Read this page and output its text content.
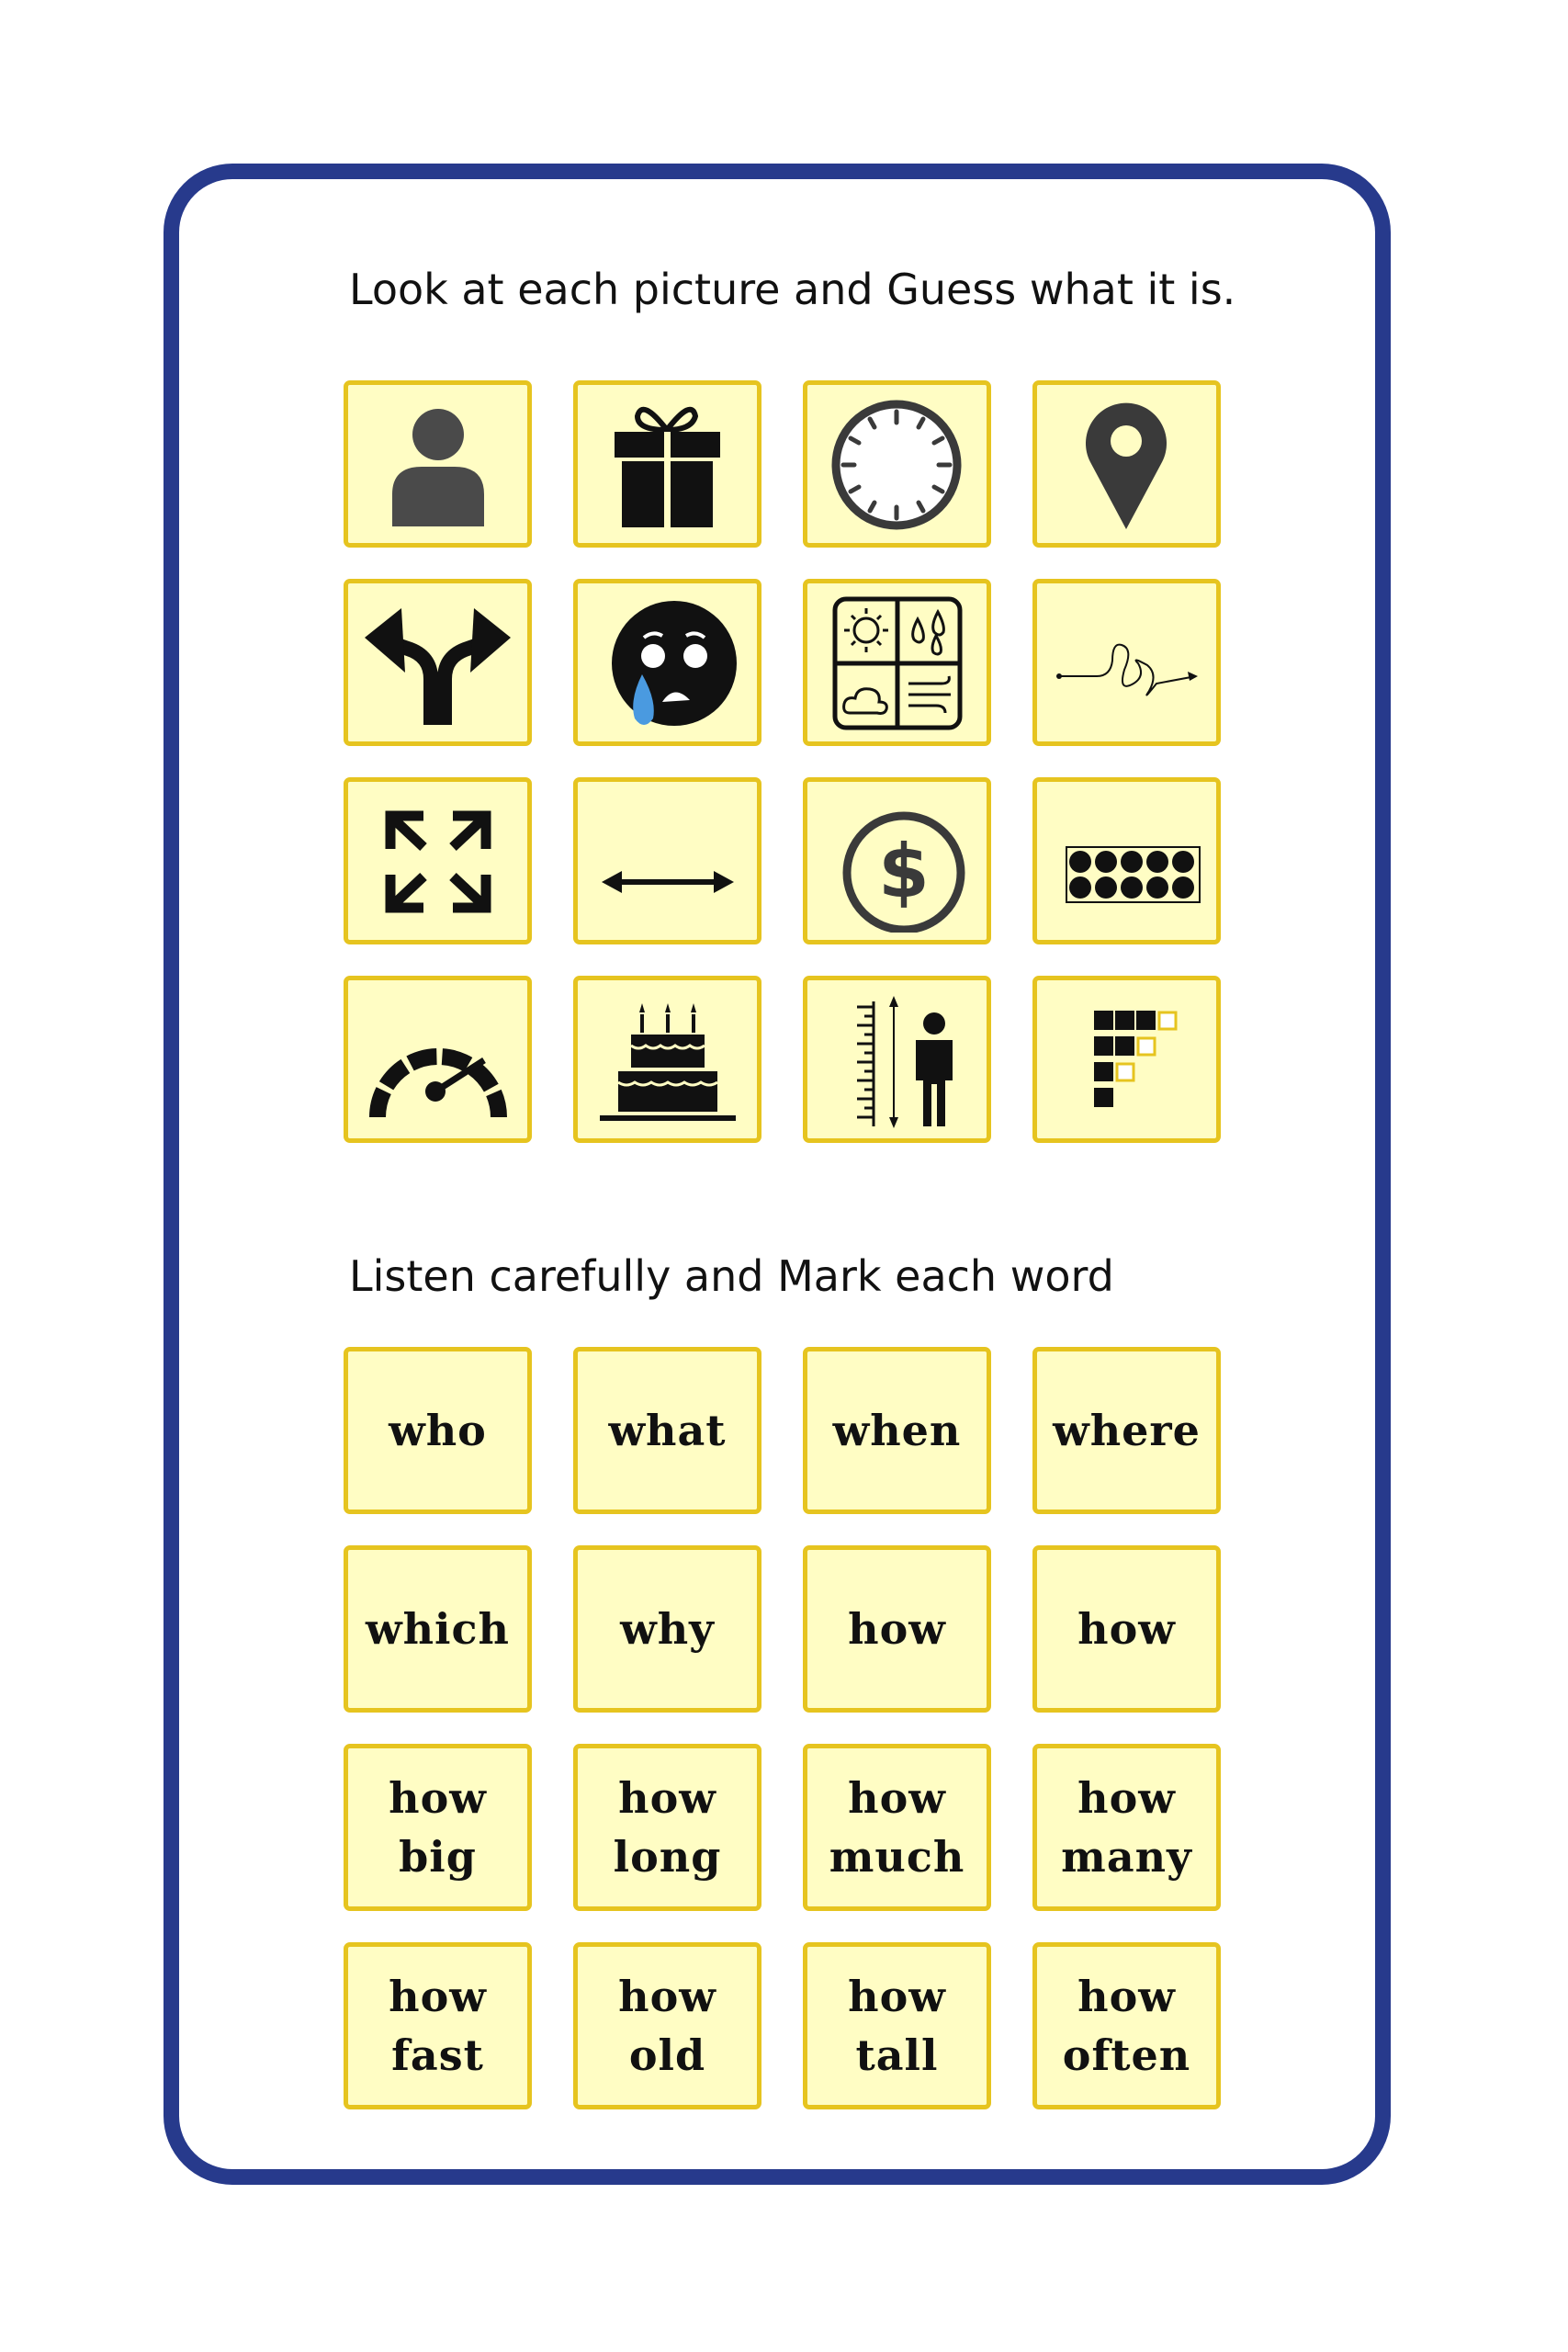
Look at each picture and Guess what it is.
$
Listen carefully and Mark each word
who	what	when where
which	why	how	how
how
big
how
long
how
much
how
many
how
fast
how
old
how
tall
how
often
